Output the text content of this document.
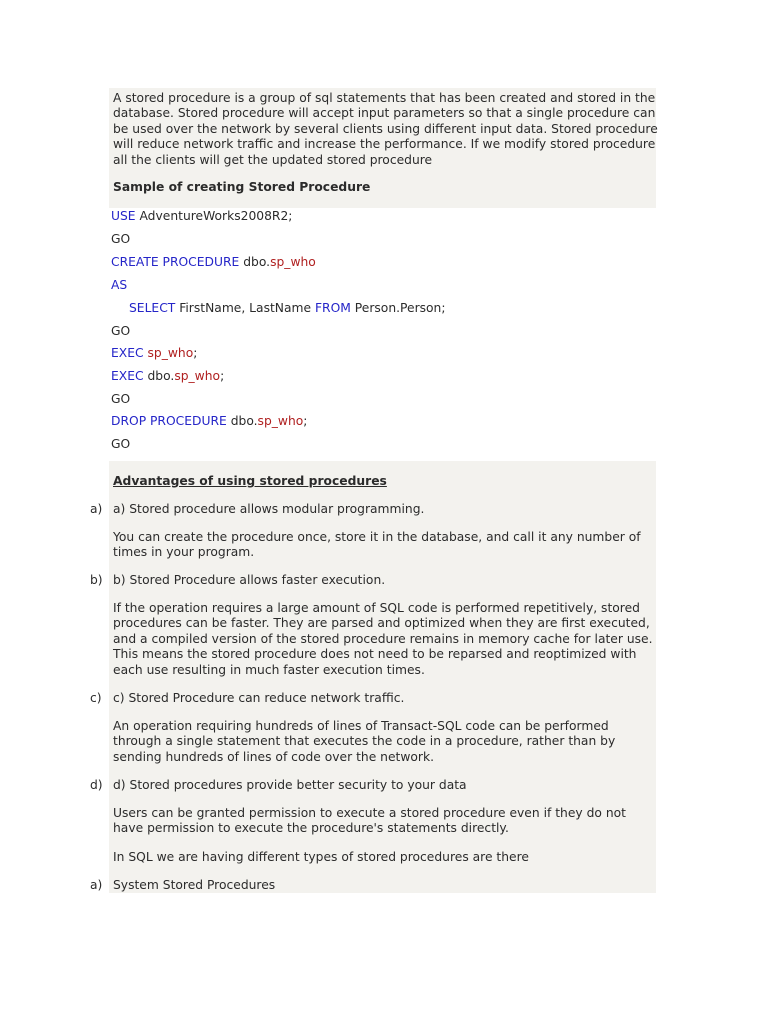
A stored procedure is a group of sql statements that has been created and stored in the database. Stored procedure will accept input parameters so that a single procedure can be used over the network by several clients using different input data. Stored procedure will reduce network traffic and increase the performance. If we modify stored procedure all the clients will get the updated stored procedure

Sample of creating Stored Procedure

USE AdventureWorks2008R2;
GO
CREATE PROCEDURE dbo.sp_who
AS
SELECT FirstName, LastName FROM Person.Person;
GO
EXEC sp_who;
EXEC dbo.sp_who;
GO
DROP PROCEDURE dbo.sp_who;
GO

Advantages of using stored procedures

a) a) Stored procedure allows modular programming.

You can create the procedure once, store it in the database, and call it any number of times in your program.

b) b) Stored Procedure allows faster execution.

If the operation requires a large amount of SQL code is performed repetitively, stored procedures can be faster. They are parsed and optimized when they are first executed, and a compiled version of the stored procedure remains in memory cache for later use. This means the stored procedure does not need to be reparsed and reoptimized with each use resulting in much faster execution times.

c) c) Stored Procedure can reduce network traffic.

An operation requiring hundreds of lines of Transact-SQL code can be performed through a single statement that executes the code in a procedure, rather than by sending hundreds of lines of code over the network.

d) d) Stored procedures provide better security to your data

Users can be granted permission to execute a stored procedure even if they do not have permission to execute the procedure's statements directly.

In SQL we are having different types of stored procedures are there

a) System Stored Procedures
